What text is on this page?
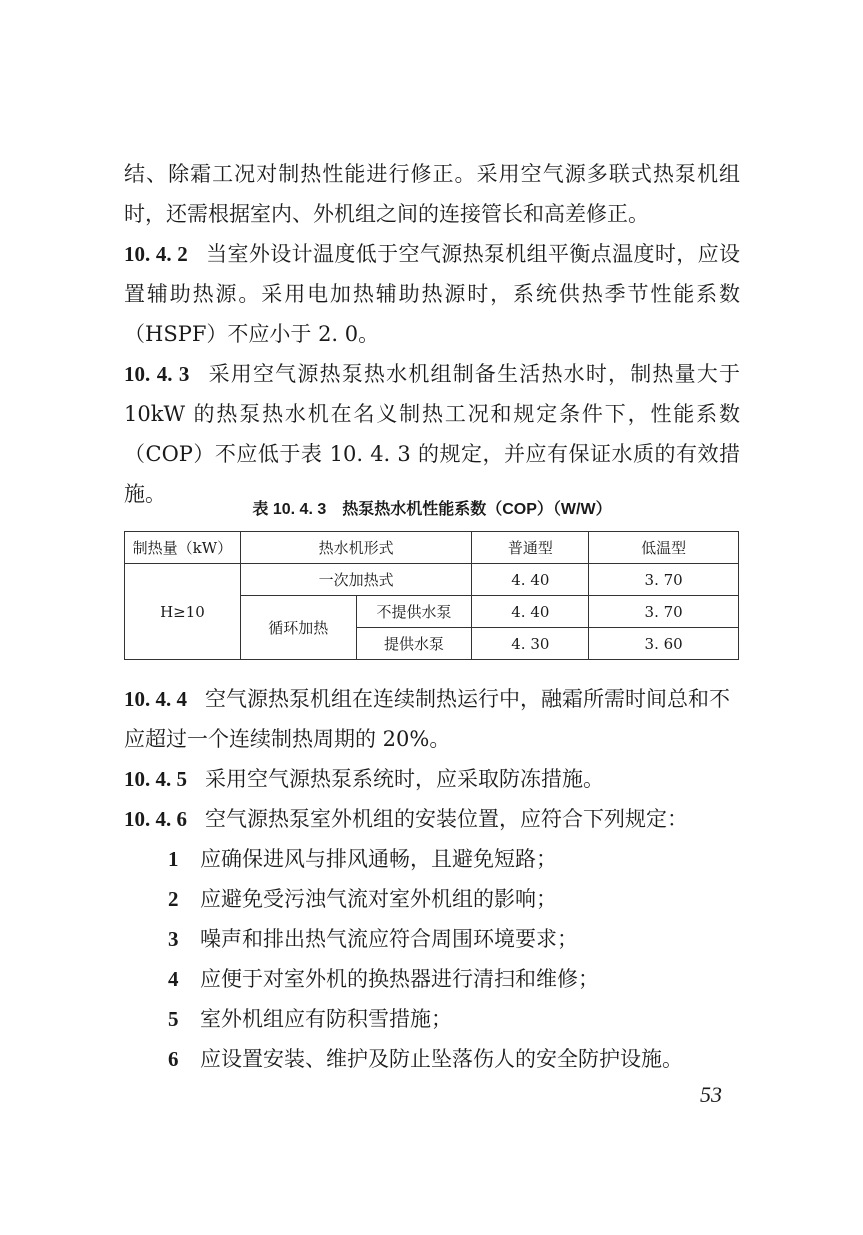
结、除霜工况对制热性能进行修正。采用空气源多联式热泵机组时，还需根据室内、外机组之间的连接管长和高差修正。

10. 4. 2 当室外设计温度低于空气源热泵机组平衡点温度时，应设置辅助热源。采用电加热辅助热源时，系统供热季节性能系数（HSPF）不应小于 2. 0。

10. 4. 3 采用空气源热泵热水机组制备生活热水时，制热量大于10kW 的热泵热水机在名义制热工况和规定条件下，性能系数（COP）不应低于表 10. 4. 3 的规定，并应有保证水质的有效措施。

表 10. 4. 3　热泵热水机性能系数（COP）（W/W）
制热量（kW）	热水机形式		普通型	低温型
H≥10	一次加热式		4. 40	3. 70
	循环加热	不提供水泵	4. 40	3. 70
		提供水泵	4. 30	3. 60

10. 4. 4 空气源热泵机组在连续制热运行中，融霜所需时间总和不应超过一个连续制热周期的 20%。

10. 4. 5 采用空气源热泵系统时，应采取防冻措施。

10. 4. 6 空气源热泵室外机组的安装位置，应符合下列规定：

1 应确保进风与排风通畅，且避免短路；

2 应避免受污浊气流对室外机组的影响；

3 噪声和排出热气流应符合周围环境要求；

4 应便于对室外机的换热器进行清扫和维修；

5 室外机组应有防积雪措施；

6 应设置安装、维护及防止坠落伤人的安全防护设施。

53
